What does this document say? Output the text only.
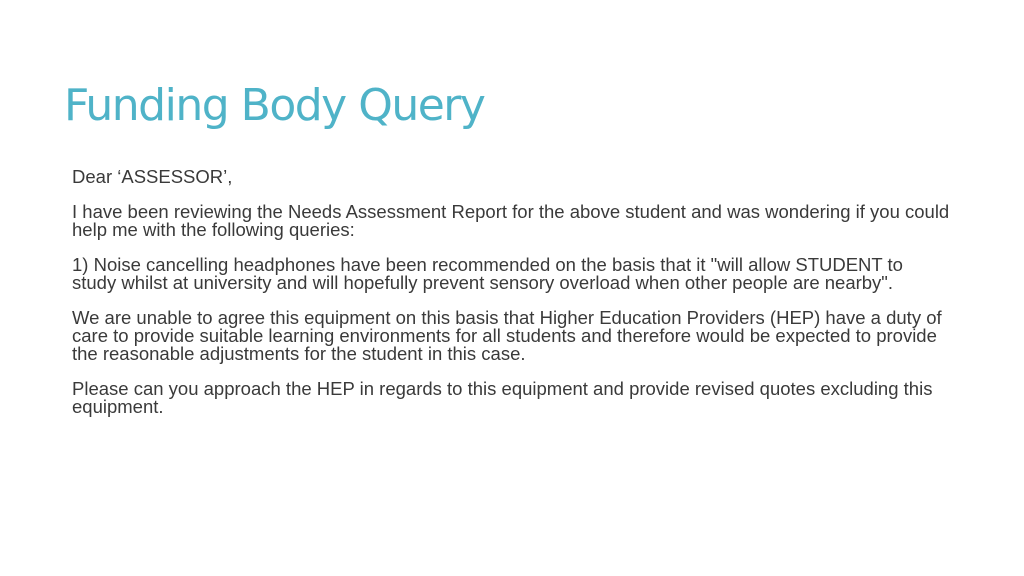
Funding Body Query

Dear ‘ASSESSOR’,

I have been reviewing the Needs Assessment Report for the above student and was wondering if you could help me with the following queries:

1) Noise cancelling headphones have been recommended on the basis that it "will allow STUDENT to study whilst at university and will hopefully prevent sensory overload when other people are nearby".

We are unable to agree this equipment on this basis that Higher Education Providers (HEP) have a duty of care to provide suitable learning environments for all students and therefore would be expected to provide the reasonable adjustments for the student in this case.

Please can you approach the HEP in regards to this equipment and provide revised quotes excluding this equipment.
